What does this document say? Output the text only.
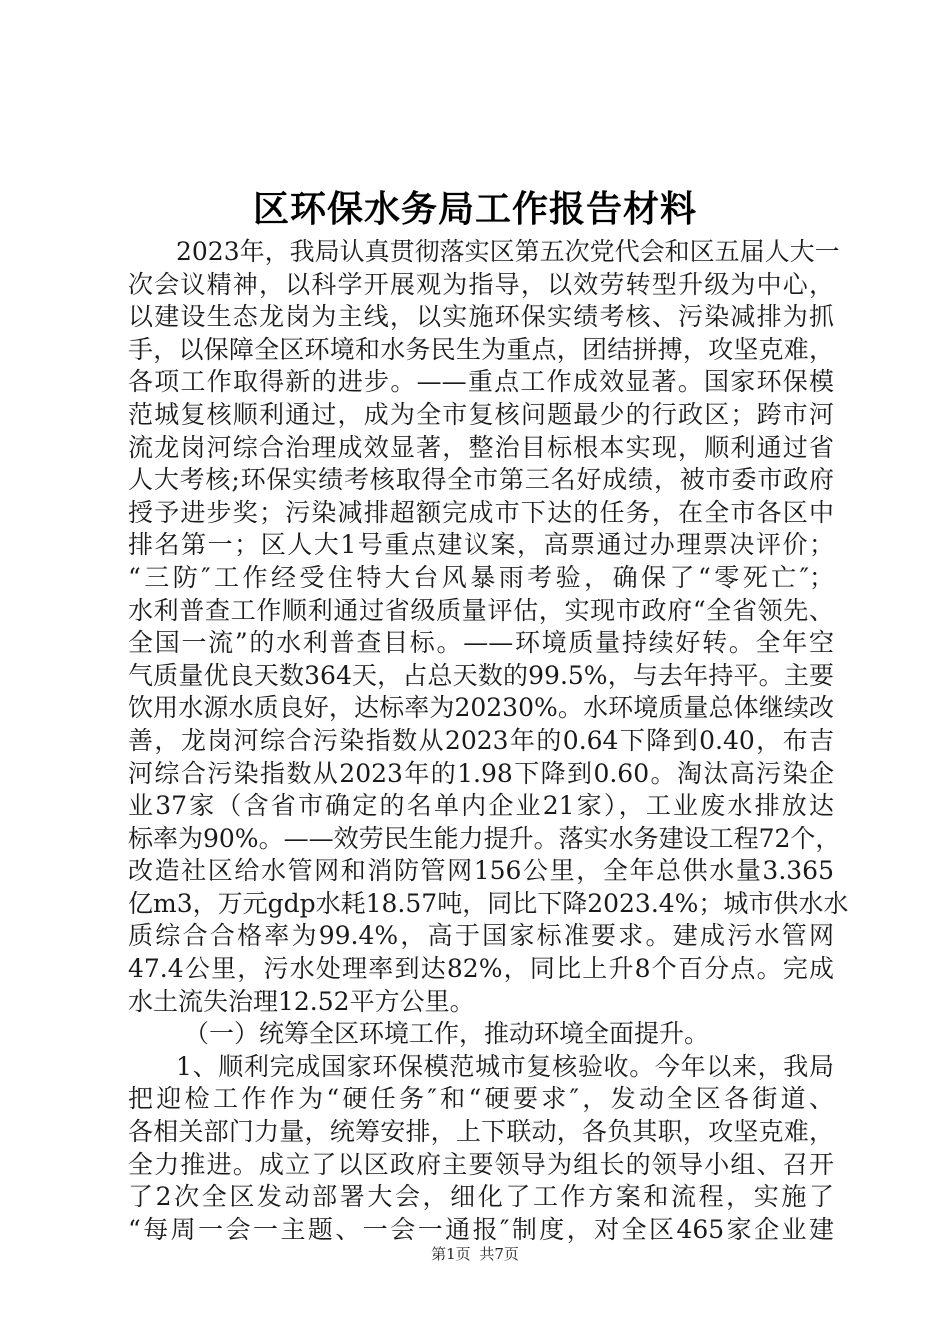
区环保水务局工作报告材料
2023年，我局认真贯彻落实区第五次党代会和区五届人大一
次会议精神，以科学开展观为指导，以效劳转型升级为中心，
以建设生态龙岗为主线，以实施环保实绩考核、污染减排为抓
手，以保障全区环境和水务民生为重点，团结拼搏，攻坚克难，
各项工作取得新的进步。——重点工作成效显著。国家环保模
范城复核顺利通过，成为全市复核问题最少的行政区；跨市河
流龙岗河综合治理成效显著，整治目标根本实现，顺利通过省
人大考核;环保实绩考核取得全市第三名好成绩，被市委市政府
授予进步奖；污染减排超额完成市下达的任务，在全市各区中
排名第一；区人大1号重点建议案，高票通过办理票决评价；
“三防″工作经受住特大台风暴雨考验，确保了“零死亡″；
水利普查工作顺利通过省级质量评估，实现市政府“全省领先、
全国一流”的水利普查目标。——环境质量持续好转。全年空
气质量优良天数364天，占总天数的99.5%，与去年持平。主要
饮用水源水质良好，达标率为20230%。水环境质量总体继续改
善，龙岗河综合污染指数从2023年的0.64下降到0.40，布吉
河综合污染指数从2023年的1.98下降到0.60。淘汰高污染企
业37家（含省市确定的名单内企业21家），工业废水排放达
标率为90%。——效劳民生能力提升。落实水务建设工程72个，
改造社区给水管网和消防管网156公里，全年总供水量3.365
亿m3，万元gdp水耗18.57吨，同比下降2023.4%；城市供水水
质综合合格率为99.4%，高于国家标准要求。建成污水管网
47.4公里，污水处理率到达82%，同比上升8个百分点。完成
水土流失治理12.52平方公里。
（一）统筹全区环境工作，推动环境全面提升。
1、顺利完成国家环保模范城市复核验收。今年以来，我局
把迎检工作作为“硬任务″和“硬要求″，发动全区各街道、
各相关部门力量，统筹安排，上下联动，各负其职，攻坚克难，
全力推进。成立了以区政府主要领导为组长的领导小组、召开
了2次全区发动部署大会，细化了工作方案和流程，实施了
“每周一会一主题、一会一通报″制度，对全区465家企业建
第1页 共7页
